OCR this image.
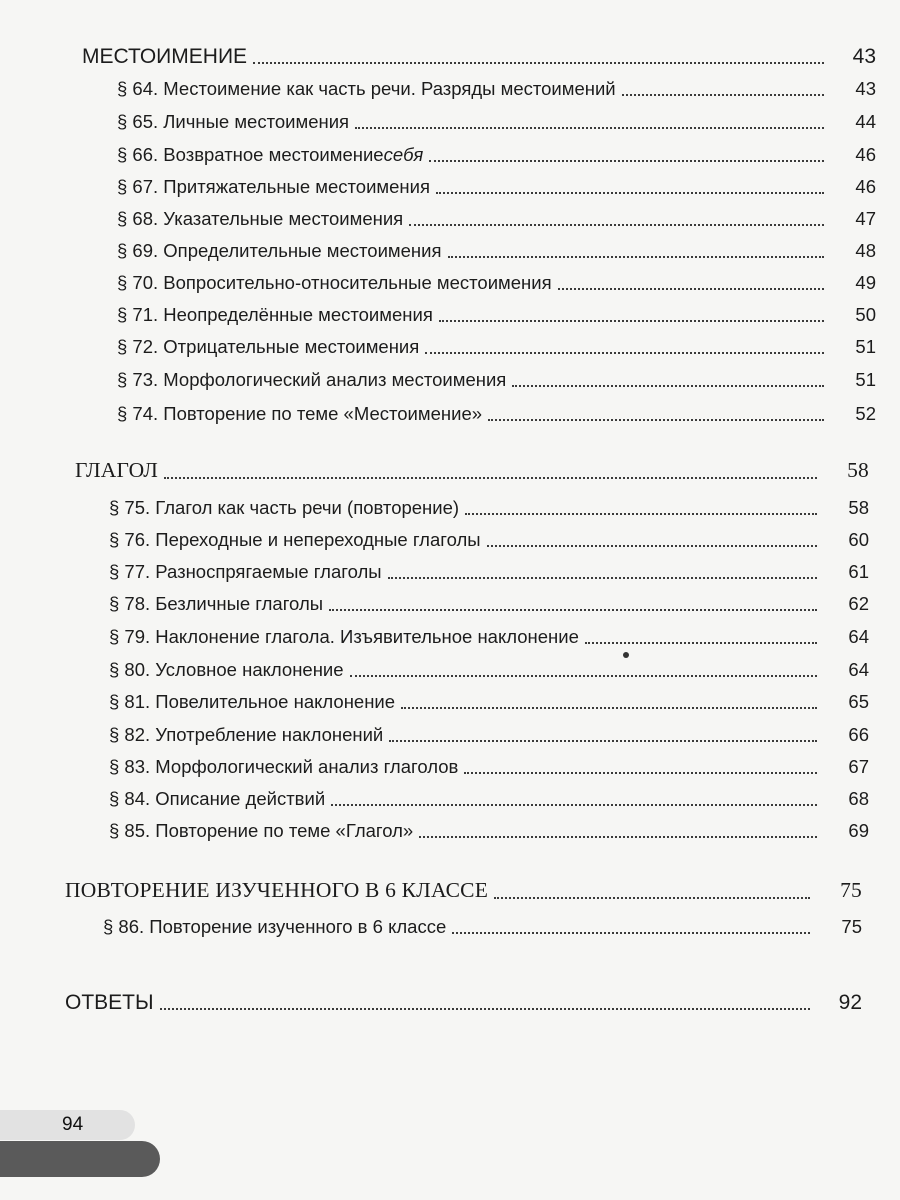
МЕСТОИМЕНИЕ	43
§ 64. Местоимение как часть речи. Разряды местоимений	43
§ 65. Личные местоимения	44
§ 66. Возвратное местоимение себя	46
§ 67. Притяжательные местоимения	46
§ 68. Указательные местоимения	47
§ 69. Определительные местоимения	48
§ 70. Вопросительно-относительные местоимения	49
§ 71. Неопределённые местоимения	50
§ 72. Отрицательные местоимения	51
§ 73. Морфологический анализ местоимения	51
§ 74. Повторение по теме «Местоимение»	52
ГЛАГОЛ	58
§ 75. Глагол как часть речи (повторение)	58
§ 76. Переходные и непереходные глаголы	60
§ 77. Разноспрягаемые глаголы	61
§ 78. Безличные глаголы	62
§ 79. Наклонение глагола. Изъявительное наклонение	64
§ 80. Условное наклонение	64
§ 81. Повелительное наклонение	65
§ 82. Употребление наклонений	66
§ 83. Морфологический анализ глаголов	67
§ 84. Описание действий	68
§ 85. Повторение по теме «Глагол»	69
ПОВТОРЕНИЕ ИЗУЧЕННОГО В 6 КЛАССЕ	75
§ 86. Повторение изученного в 6 классе	75
ОТВЕТЫ	92
94
